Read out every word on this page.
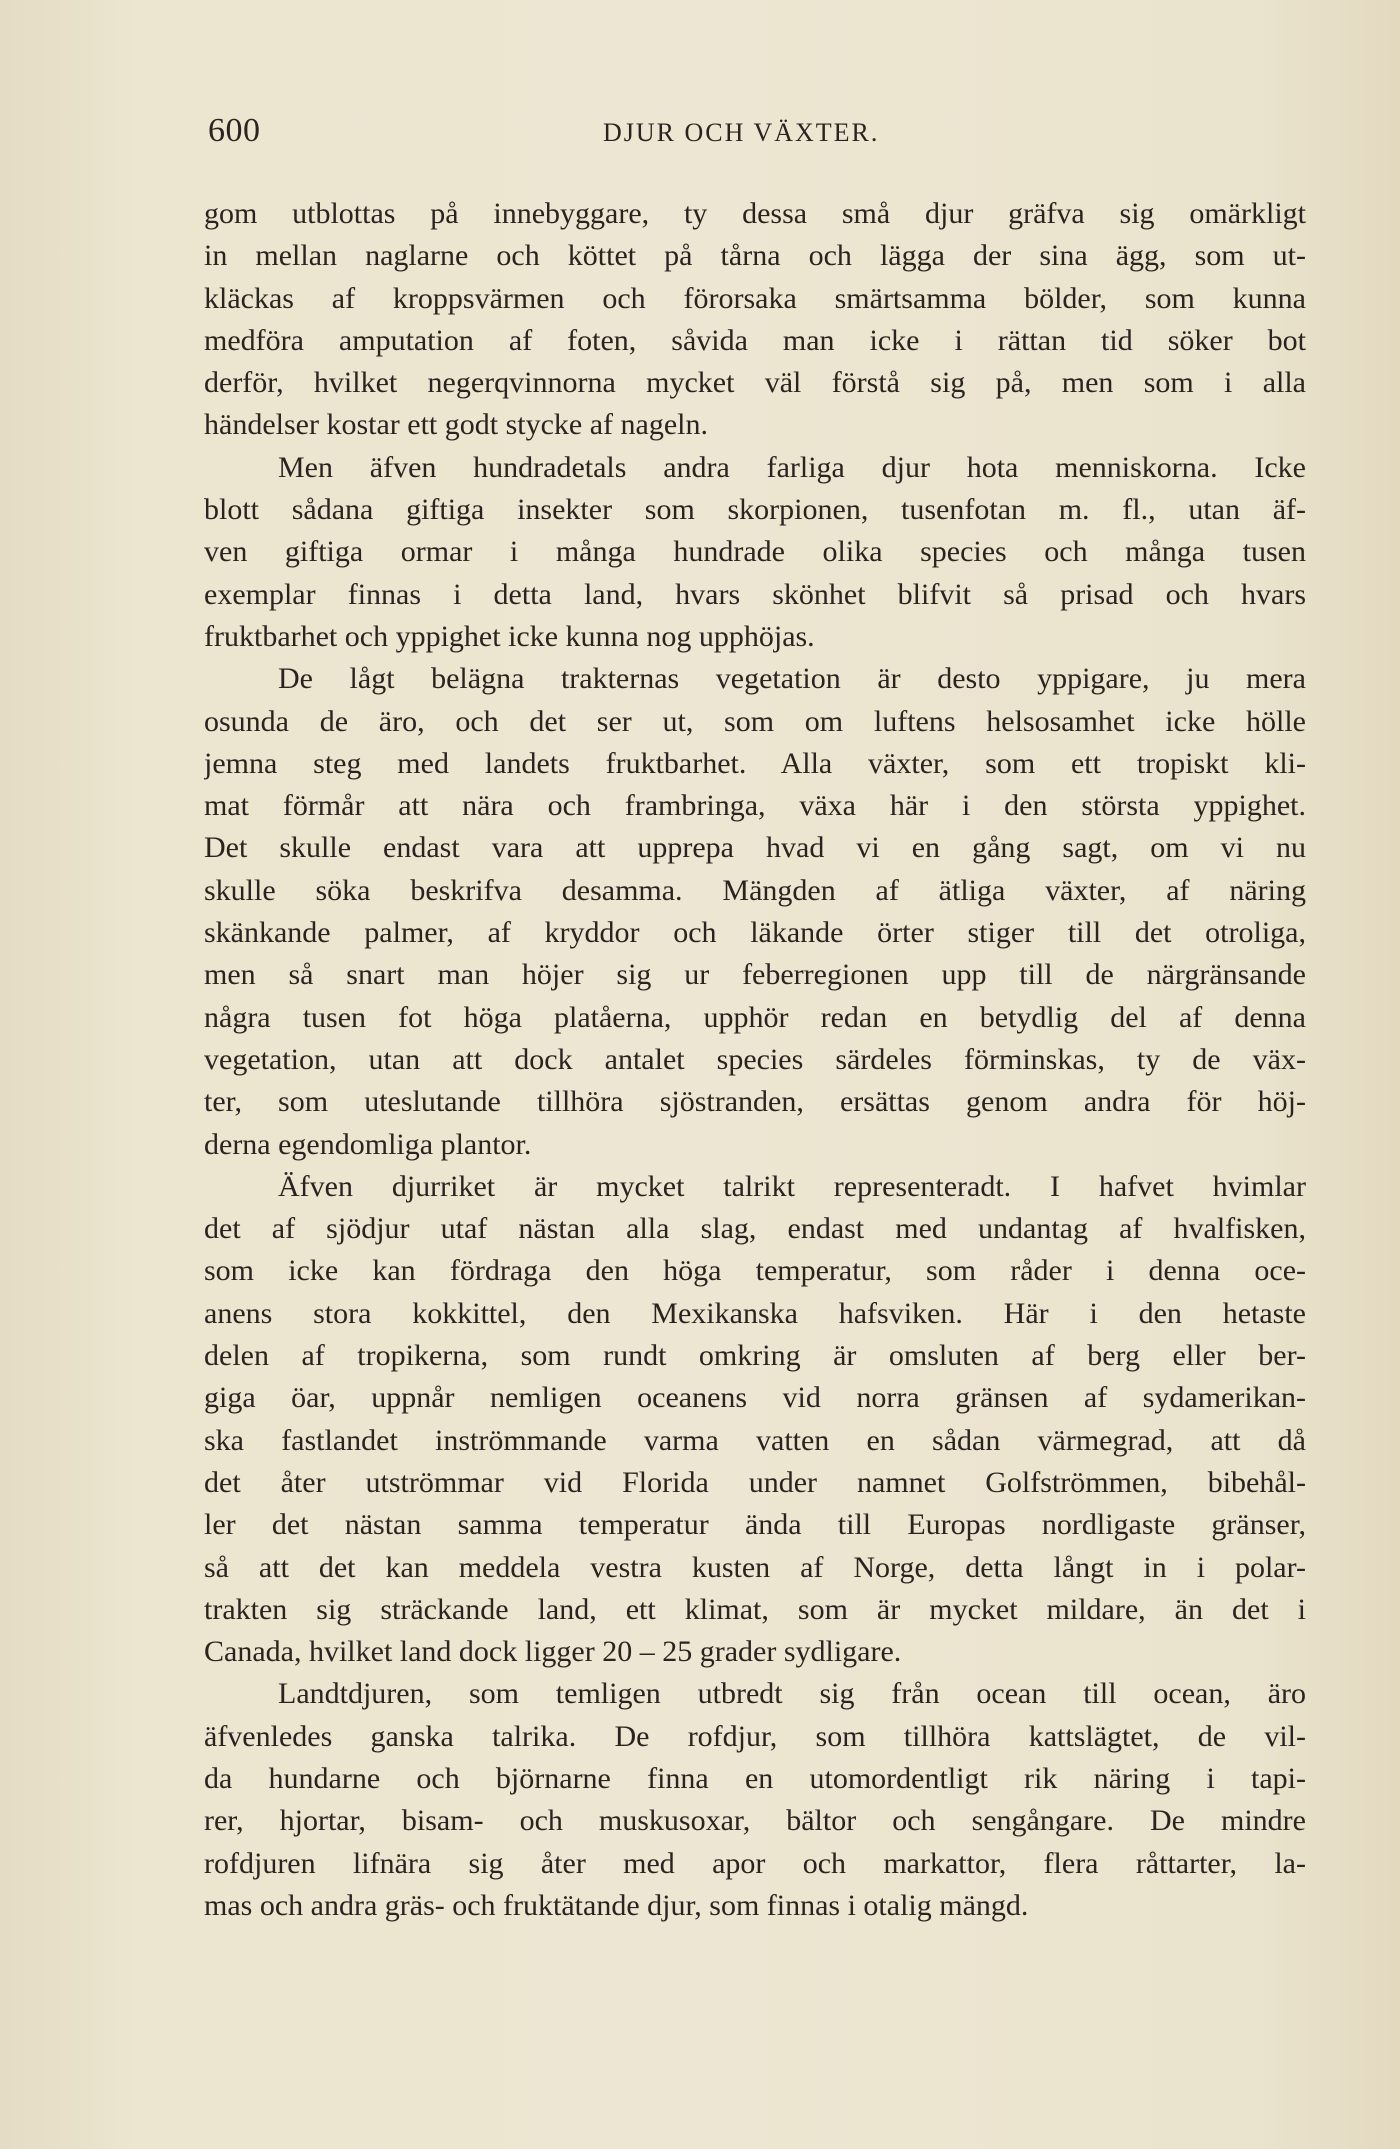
600	DJUR OCH VÄXTER.
gom utblottas på innebyggare, ty dessa små djur gräfva sig omärkligt
in mellan naglarne och köttet på tårna och lägga der sina ägg, som ut-
kläckas af kroppsvärmen och förorsaka smärtsamma bölder, som kunna
medföra amputation af foten, såvida man icke i rättan tid söker bot
derför, hvilket negerqvinnorna mycket väl förstå sig på, men som i alla
händelser kostar ett godt stycke af nageln.
Men äfven hundradetals andra farliga djur hota menniskorna. Icke
blott sådana giftiga insekter som skorpionen, tusenfotan m. fl., utan äf-
ven giftiga ormar i många hundrade olika species och många tusen
exemplar finnas i detta land, hvars skönhet blifvit så prisad och hvars
fruktbarhet och yppighet icke kunna nog upphöjas.
De lågt belägna trakternas vegetation är desto yppigare, ju mera
osunda de äro, och det ser ut, som om luftens helsosamhet icke hölle
jemna steg med landets fruktbarhet. Alla växter, som ett tropiskt kli-
mat förmår att nära och frambringa, växa här i den största yppighet.
Det skulle endast vara att upprepa hvad vi en gång sagt, om vi nu
skulle söka beskrifva desamma. Mängden af ätliga växter, af näring
skänkande palmer, af kryddor och läkande örter stiger till det otroliga,
men så snart man höjer sig ur feberregionen upp till de närgränsande
några tusen fot höga platåerna, upphör redan en betydlig del af denna
vegetation, utan att dock antalet species särdeles förminskas, ty de väx-
ter, som uteslutande tillhöra sjöstranden, ersättas genom andra för höj-
derna egendomliga plantor.
Äfven djurriket är mycket talrikt representeradt. I hafvet hvimlar
det af sjödjur utaf nästan alla slag, endast med undantag af hvalfisken,
som icke kan fördraga den höga temperatur, som råder i denna oce-
anens stora kokkittel, den Mexikanska hafsviken. Här i den hetaste
delen af tropikerna, som rundt omkring är omsluten af berg eller ber-
giga öar, uppnår nemligen oceanens vid norra gränsen af sydamerikan-
ska fastlandet inströmmande varma vatten en sådan värmegrad, att då
det åter utströmmar vid Florida under namnet Golfströmmen, bibehål-
ler det nästan samma temperatur ända till Europas nordligaste gränser,
så att det kan meddela vestra kusten af Norge, detta långt in i polar-
trakten sig sträckande land, ett klimat, som är mycket mildare, än det i
Canada, hvilket land dock ligger 20 – 25 grader sydligare.
Landtdjuren, som temligen utbredt sig från ocean till ocean, äro
äfvenledes ganska talrika. De rofdjur, som tillhöra kattslägtet, de vil-
da hundarne och björnarne finna en utomordentligt rik näring i tapi-
rer, hjortar, bisam- och muskusoxar, bältor och sengångare. De mindre
rofdjuren lifnära sig åter med apor och markattor, flera råttarter, la-
mas och andra gräs- och fruktätande djur, som finnas i otalig mängd.
